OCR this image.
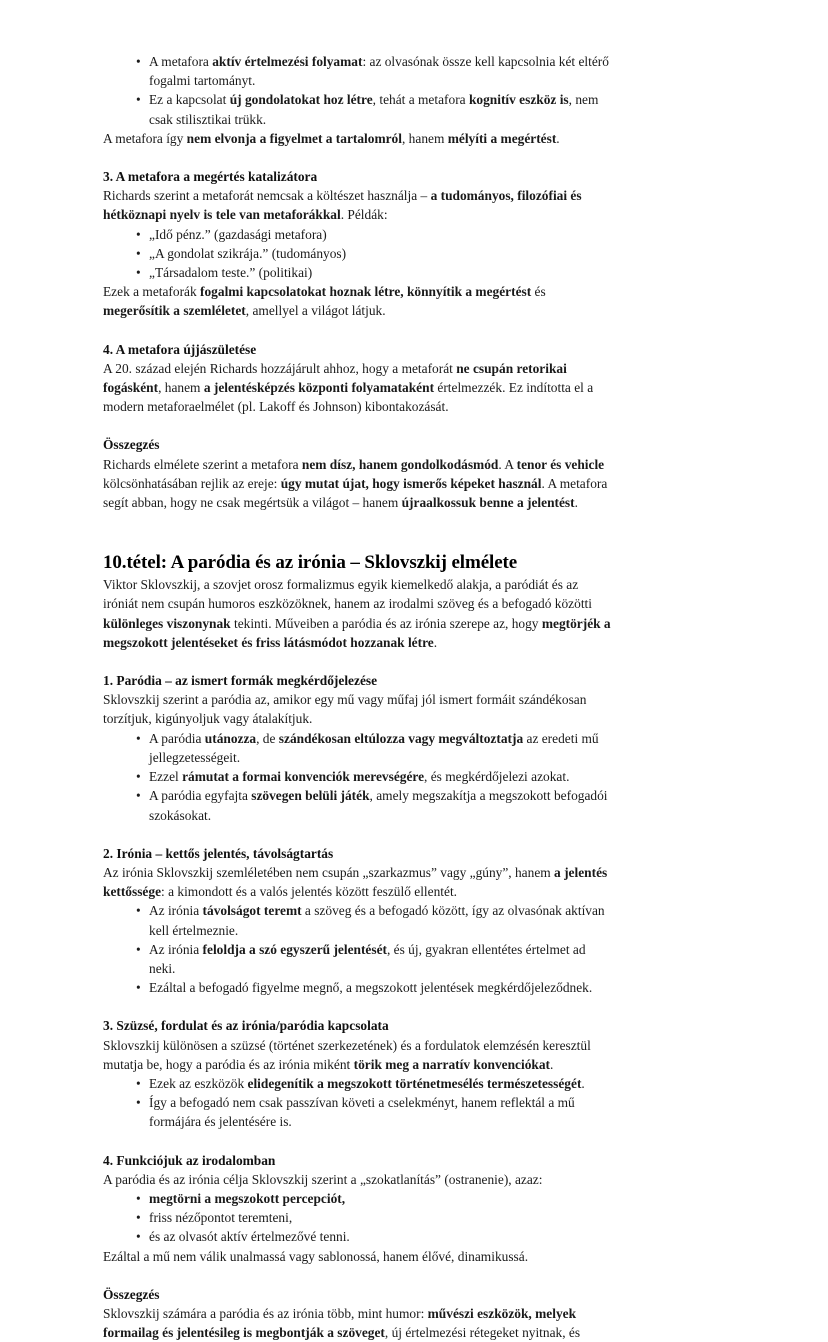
• A metafora aktív értelmezési folyamat: az olvasónak össze kell kapcsolnia két eltérő fogalmi tartományt.
• Ez a kapcsolat új gondolatokat hoz létre, tehát a metafora kognitív eszköz is, nem csak stilisztikai trükk.

A metafora így nem elvonja a figyelmet a tartalomról, hanem mélyíti a megértést.

3. A metafora a megértés katalizátora

Richards szerint a metaforát nemcsak a költészet használja – a tudományos, filozófiai és hétköznapi nyelv is tele van metaforákkal. Példák:

• „Idő pénz.” (gazdasági metafora)
• „A gondolat szikrája.” (tudományos)
• „Társadalom teste.” (politikai)

Ezek a metaforák fogalmi kapcsolatokat hoznak létre, könnyítik a megértést és megerősítik a szemléletet, amellyel a világot látjuk.

4. A metafora újjászületése

A 20. század elején Richards hozzájárult ahhoz, hogy a metaforát ne csupán retorikai fogásként, hanem a jelentésképzés központi folyamataként értelmezzék. Ez indította el a modern metaforaelmélet (pl. Lakoff és Johnson) kibontakozását.

Összegzés

Richards elmélete szerint a metafora nem dísz, hanem gondolkodásmód. A tenor és vehicle kölcsönhatásában rejlik az ereje: úgy mutat újat, hogy ismerős képeket használ. A metafora segít abban, hogy ne csak megértsük a világot – hanem újraalkossuk benne a jelentést.

10.tétel: A paródia és az irónia – Sklovszkij elmélete

Viktor Sklovszkij, a szovjet orosz formalizmus egyik kiemelkedő alakja, a paródiát és az iróniát nem csupán humoros eszközöknek, hanem az irodalmi szöveg és a befogadó közötti különleges viszonynak tekinti. Műveiben a paródia és az irónia szerepe az, hogy megtörjék a megszokott jelentéseket és friss látásmódot hozzanak létre.

1. Paródia – az ismert formák megkérdőjelezése

Sklovszkij szerint a paródia az, amikor egy mű vagy műfaj jól ismert formáit szándékosan torzítjuk, kigúnyoljuk vagy átalakítjuk.

• A paródia utánozza, de szándékosan eltúlozza vagy megváltoztatja az eredeti mű jellegzetességeit.
• Ezzel rámutat a formai konvenciók merevségére, és megkérdőjelezi azokat.
• A paródia egyfajta szövegen belüli játék, amely megszakítja a megszokott befogadói szokásokat.
2. Irónia – kettős jelentés, távolságtartás

Az irónia Sklovszkij szemléletében nem csupán „szarkazmus” vagy „gúny”, hanem a jelentés kettőssége: a kimondott és a valós jelentés között feszülő ellentét.

• Az irónia távolságot teremt a szöveg és a befogadó között, így az olvasónak aktívan kell értelmeznie.
• Az irónia feloldja a szó egyszerű jelentését, és új, gyakran ellentétes értelmet ad neki.
• Ezáltal a befogadó figyelme megnő, a megszokott jelentések megkérdőjeleződnek.
3. Szüzsé, fordulat és az irónia/paródia kapcsolata

Sklovszkij különösen a szüzsé (történet szerkezetének) és a fordulatok elemzésén keresztül mutatja be, hogy a paródia és az irónia miként törik meg a narratív konvenciókat.

• Ezek az eszközök elidegenítik a megszokott történetmesélés természetességét.
• Így a befogadó nem csak passzívan követi a cselekményt, hanem reflektál a mű formájára és jelentésére is.
4. Funkciójuk az irodalomban

A paródia és az irónia célja Sklovszkij szerint a „szokatlanítás” (ostranenie), azaz:

• megtörni a megszokott percepciót,
• friss nézőpontot teremteni,
• és az olvasót aktív értelmezővé tenni.

Ezáltal a mű nem válik unalmassá vagy sablonossá, hanem élővé, dinamikussá.

Összegzés

Sklovszkij számára a paródia és az irónia több, mint humor: művészi eszközök, melyek formailag és jelentésileg is megbontják a szöveget, új értelmezési rétegeket nyitnak, és
